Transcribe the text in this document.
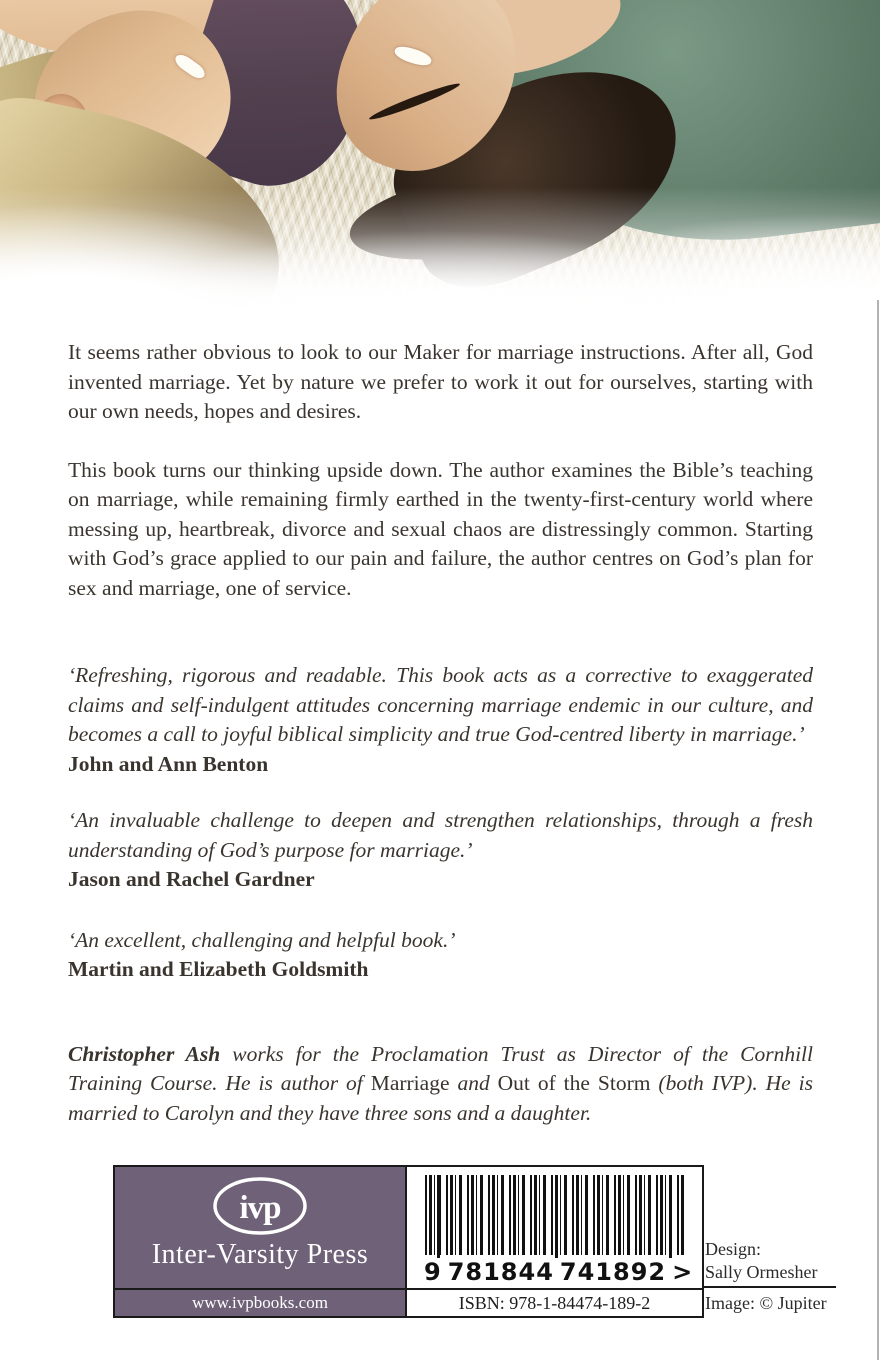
It seems rather obvious to look to our Maker for marriage instructions. After all, God invented marriage. Yet by nature we prefer to work it out for ourselves, starting with our own needs, hopes and desires.

This book turns our thinking upside down. The author examines the Bible’s teaching on marriage, while remaining firmly earthed in the twenty-first-century world where messing up, heartbreak, divorce and sexual chaos are distressingly common. Starting with God’s grace applied to our pain and failure, the author centres on God’s plan for sex and marriage, one of service.

‘Refreshing, rigorous and readable. This book acts as a corrective to exaggerated claims and self-indulgent attitudes concerning marriage endemic in our culture, and becomes a call to joyful biblical simplicity and true God-centred liberty in marriage.’

John and Ann Benton

‘An invaluable challenge to deepen and strengthen relationships, through a fresh understanding of God’s purpose for marriage.’

Jason and Rachel Gardner

‘An excellent, challenging and helpful book.’

Martin and Elizabeth Goldsmith

Christopher Ash works for the Proclamation Trust as Director of the Cornhill Training Course. He is author of Marriage and Out of the Storm (both IVP). He is married to Carolyn and they have three sons and a daughter.

ivp
Inter-Varsity Press
9 781844 741892 >
www.ivpbooks.com	ISBN: 978-1-84474-189-2
Design:
Sally Ormesher
Image: © Jupiter
